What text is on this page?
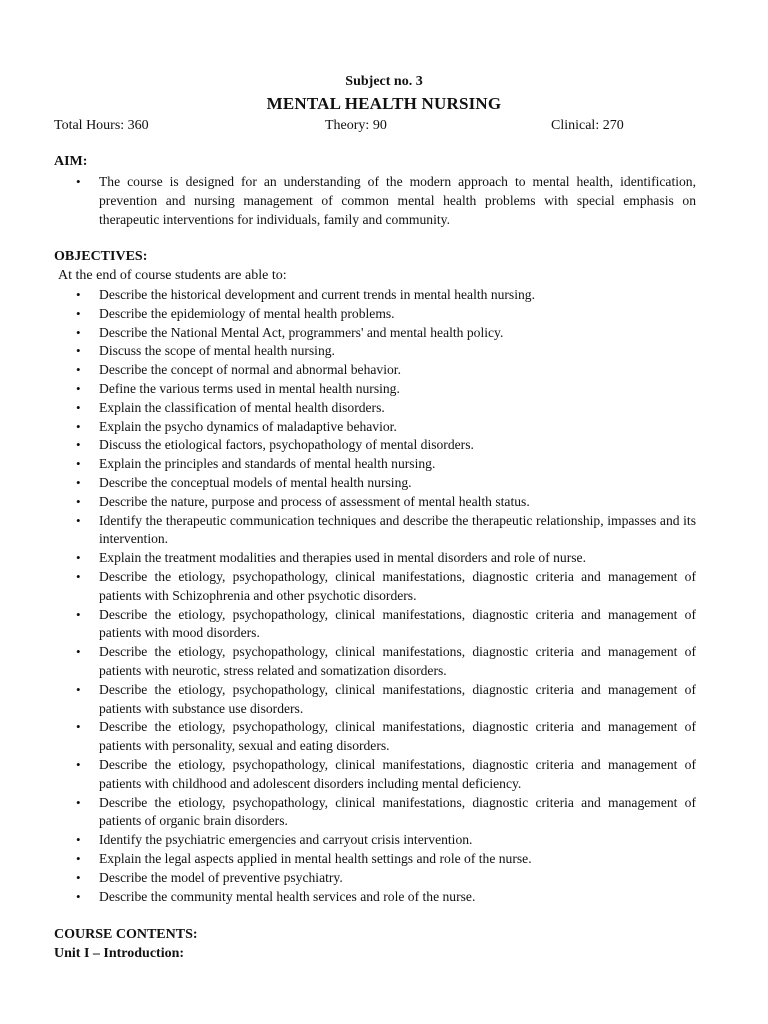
Subject no. 3
MENTAL HEALTH NURSING
Total Hours: 360	Theory: 90	Clinical: 270
AIM:
• The course is designed for an understanding of the modern approach to mental health, identification, prevention and nursing management of common mental health problems with special emphasis on therapeutic interventions for individuals, family and community.
OBJECTIVES:
At the end of course students are able to:
• Describe the historical development and current trends in mental health nursing.
• Describe the epidemiology of mental health problems.
• Describe the National Mental Act, programmers' and mental health policy.
• Discuss the scope of mental health nursing.
• Describe the concept of normal and abnormal behavior.
• Define the various terms used in mental health nursing.
• Explain the classification of mental health disorders.
• Explain the psycho dynamics of maladaptive behavior.
• Discuss the etiological factors, psychopathology of mental disorders.
• Explain the principles and standards of mental health nursing.
• Describe the conceptual models of mental health nursing.
• Describe the nature, purpose and process of assessment of mental health status.
• Identify the therapeutic communication techniques and describe the therapeutic relationship, impasses and its intervention.
• Explain the treatment modalities and therapies used in mental disorders and role of nurse.
• Describe the etiology, psychopathology, clinical manifestations, diagnostic criteria and management of patients with Schizophrenia and other psychotic disorders.
• Describe the etiology, psychopathology, clinical manifestations, diagnostic criteria and management of patients with mood disorders.
• Describe the etiology, psychopathology, clinical manifestations, diagnostic criteria and management of patients with neurotic, stress related and somatization disorders.
• Describe the etiology, psychopathology, clinical manifestations, diagnostic criteria and management of patients with substance use disorders.
• Describe the etiology, psychopathology, clinical manifestations, diagnostic criteria and management of patients with personality, sexual and eating disorders.
• Describe the etiology, psychopathology, clinical manifestations, diagnostic criteria and management of patients with childhood and adolescent disorders including mental deficiency.
• Describe the etiology, psychopathology, clinical manifestations, diagnostic criteria and management of patients of organic brain disorders.
• Identify the psychiatric emergencies and carryout crisis intervention.
• Explain the legal aspects applied in mental health settings and role of the nurse.
• Describe the model of preventive psychiatry.
• Describe the community mental health services and role of the nurse.
COURSE CONTENTS:
Unit I – Introduction:
